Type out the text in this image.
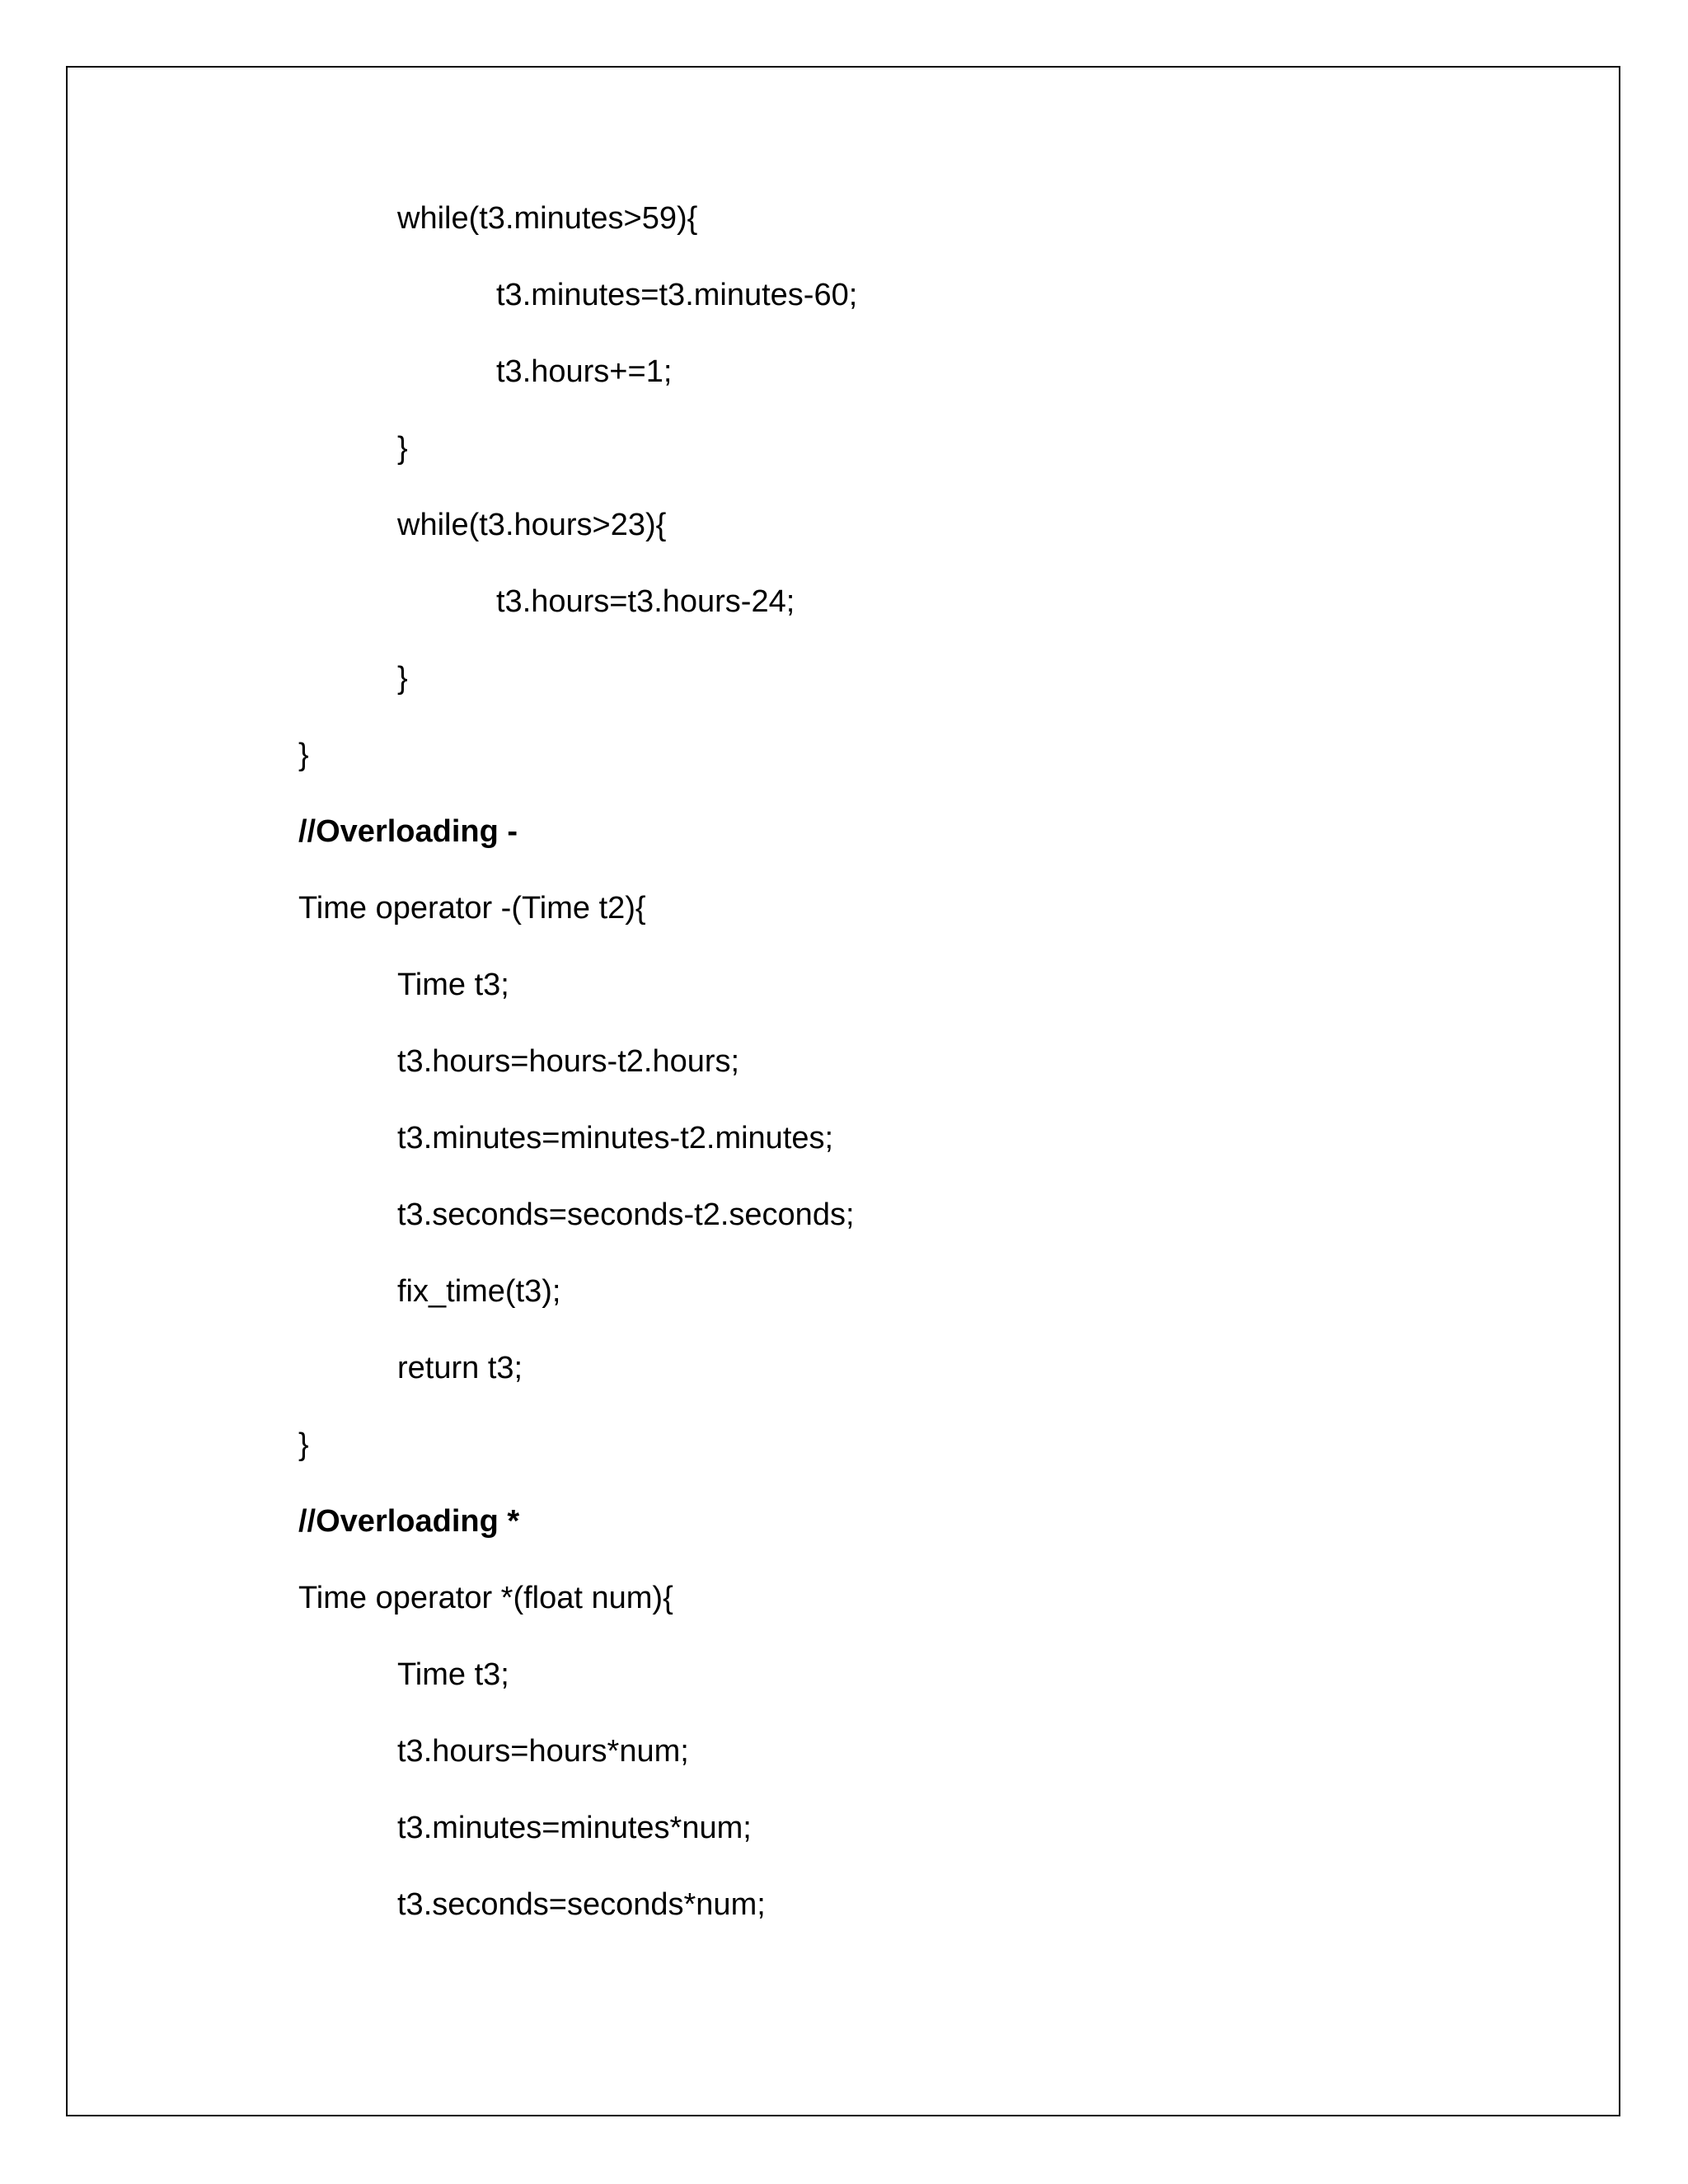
while(t3.minutes>59){
t3.minutes=t3.minutes-60;
t3.hours+=1;
}
while(t3.hours>23){
t3.hours=t3.hours-24;
}
}
//Overloading -
Time operator -(Time t2){
Time t3;
t3.hours=hours-t2.hours;
t3.minutes=minutes-t2.minutes;
t3.seconds=seconds-t2.seconds;
fix_time(t3);
return t3;
}
//Overloading *
Time operator *(float num){
Time t3;
t3.hours=hours*num;
t3.minutes=minutes*num;
t3.seconds=seconds*num;
